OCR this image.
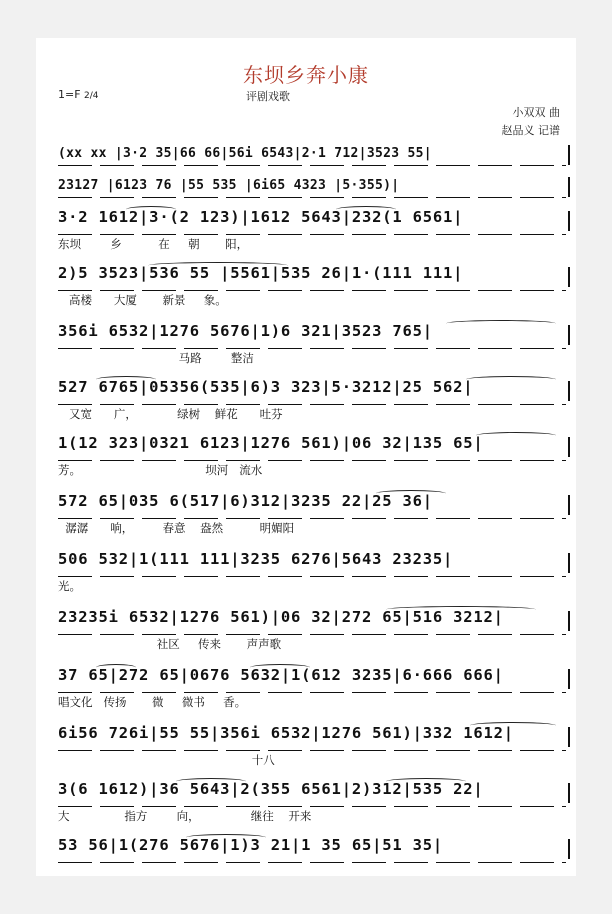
东坝乡奔小康
1=F 2/4	评剧戏歌
小双双 曲
赵品义 记谱
(xx xx |3·2 35|66 66|56i 6543|2·1 712|3523 55|
23127 |6123 76 |55 535 |6i65 4323 |5·355)|
3·2 1612|3·(2 123)|1612 5643|232(1 6561|
东坝        乡          在     朝       阳，
2)5 3523|536 55 |5561|535 26|1·(111 111|
高楼      大厦       新景     象。
356i 6532|1276 5676|1)6 321|3523 765|
马路        整洁
527 6765|05356(535|6)3 323|5·3212|25 562|
又宽      广，           绿树    鲜花      吐芬
1(12 323|0321 6123|1276 561)|06 32|135 65|
芳。                                  坝河   流水
572 65|035 6(517|6)312|3235 22|25 36|
潺潺      响，        春意    盎然          明媚阳
506 532|1(111 111|3235 6276|5643 23235|
光。
23235i 6532|1276 561)|06 32|272 65|516 3212|
社区     传来       声声歌
37 65|272 65|0676 5632|1(612 3235|6·666 666|
唱文化   传扬       微     微书     香。
6i56 726i|55 55|356i 6532|1276 561)|332 1612|
十八
3(6 1612)|36 5643|2(355 6561|2)312|535 22|
大               指方        向，              继往    开来
53 56|1(276 5676|1)3 21|1 35 65|51 35|
